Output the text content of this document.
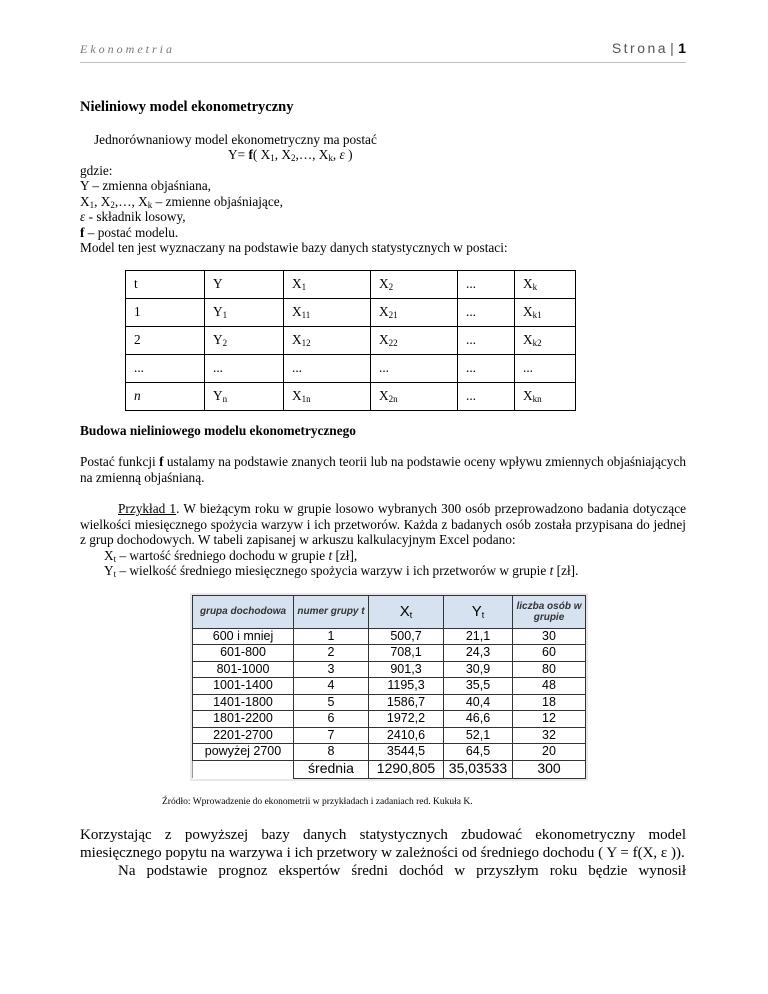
Ekonometria	Strona | 1
Nieliniowy model ekonometryczny
Jednorównaniowy model ekonometryczny ma postać
Y= f( $X_1$, $X_2,\dots$, $X_k$, ε )
gdzie:
Y – zmienna objaśniana,
$X_1$, $X_2,\dots$, $X_k$ – zmienne objaśniające,
ε - składnik losowy,
f – postać modelu.
Model ten jest wyznaczany na podstawie bazy danych statystycznych w postaci:
t	Y	$X_1$	$X_2$	...	$X_k$
1	$Y_1$	$X_{11}$	$X_{21}$	...	$X_{k1}$
2	$Y_2$	$X_{12}$	$X_{22}$	...	$X_{k2}$
...	...	...	...	...	...
n	$Y_n$	$X_{1n}$	$X_{2n}$	...	$X_{kn}$
Budowa nieliniowego modelu ekonometrycznego
Postać funkcji f ustalamy na podstawie znanych teorii lub na podstawie oceny wpływu zmiennych objaśniających na zmienną objaśnianą.
Przykład 1. W bieżącym roku w grupie losowo wybranych 300 osób przeprowadzono badania dotyczące wielkości miesięcznego spożycia warzyw i ich przetworów. Każda z badanych osób została przypisana do jednej z grup dochodowych. W tabeli zapisanej w arkuszu kalkulacyjnym Excel podano:
$X_t$ – wartość średniego dochodu w grupie t [zł],
$Y_t$ – wielkość średniego miesięcznego spożycia warzyw i ich przetworów w grupie t [zł].
grupa dochodowa	numer grupy t	$X_t$	$Y_t$	liczba osób w grupie
600 i mniej	1	500,7	21,1	30
601-800	2	708,1	24,3	60
801-1000	3	901,3	30,9	80
1001-1400	4	1195,3	35,5	48
1401-1800	5	1586,7	40,4	18
1801-2200	6	1972,2	46,6	12
2201-2700	7	2410,6	52,1	32
powyżej 2700	8	3544,5	64,5	20
	średnia	1290,805	35,03533	300
Źródło: Wprowadzenie do ekonometrii w przykładach i zadaniach red. Kukuła K.
Korzystając z powyższej bazy danych statystycznych zbudować ekonometryczny model miesięcznego popytu na warzywa i ich przetwory w zależności od średniego dochodu ( Y = f(X, ε )).
Na podstawie prognoz ekspertów średni dochód w przyszłym roku będzie wynosił
